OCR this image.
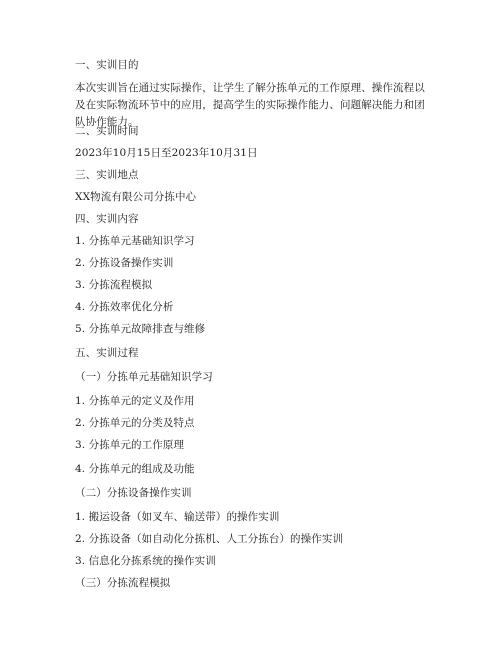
一、实训目的
本次实训旨在通过实际操作，让学生了解分拣单元的工作原理、操作流程以及在实际物流环节中的应用，提高学生的实际操作能力、问题解决能力和团队协作能力。
二、实训时间
2023年10月15日至2023年10月31日
三、实训地点
XX物流有限公司分拣中心
四、实训内容
1. 分拣单元基础知识学习
2. 分拣设备操作实训
3. 分拣流程模拟
4. 分拣效率优化分析
5. 分拣单元故障排查与维修
五、实训过程
（一）分拣单元基础知识学习
1. 分拣单元的定义及作用
2. 分拣单元的分类及特点
3. 分拣单元的工作原理
4. 分拣单元的组成及功能
（二）分拣设备操作实训
1. 搬运设备（如叉车、输送带）的操作实训
2. 分拣设备（如自动化分拣机、人工分拣台）的操作实训
3. 信息化分拣系统的操作实训
（三）分拣流程模拟
